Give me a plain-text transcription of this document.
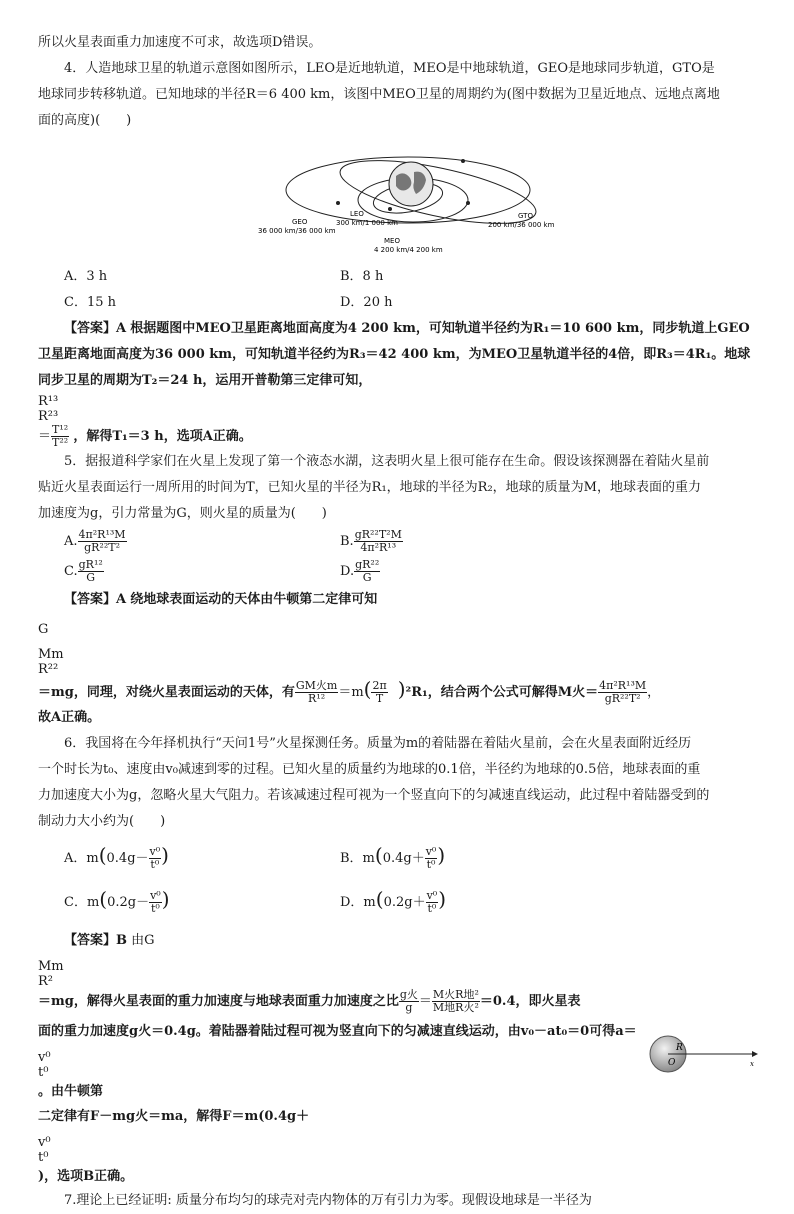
所以火星表面重力加速度不可求，故选项D错误。

4．人造地球卫星的轨道示意图如图所示，LEO是近地轨道，MEO是中地球轨道，GEO是地球同步轨道，GTO是

地球同步转移轨道。已知地球的半径R＝6 400 km，该图中MEO卫星的周期约为(图中数据为卫星近地点、远地点离地

面的高度)(　　)

GEO
36 000 km/36 000 km
LEO
300 km/1 000 km
MEO
4 200 km/4 200 km
GTO
200 km/36 000 km
A．3 h	B．8 h
C．15 h	D．20 h

【答案】A 根据题图中MEO卫星距离地面高度为4 200 km，可知轨道半径约为R₁＝10 600 km，同步轨道上GEO

卫星距离地面高度为36 000 km，可知轨道半径约为R₃＝42 400 km，为MEO卫星轨道半径的4倍，即R₃＝4R₁。地球

同步卫星的周期为T₂＝24 h，运用开普勒第三定律可知，

R¹³
R²³
＝ $\frac{\text{T¹²}}{\text{T²²}}$ ，解得T₁＝3 h，选项A正确。

5．据报道科学家们在火星上发现了第一个液态水湖，这表明火星上很可能存在生命。假设该探测器在着陆火星前

贴近火星表面运行一周所用的时间为T，已知火星的半径为R₁，地球的半径为R₂，地球的质量为M，地球表面的重力

加速度为g，引力常量为G，则火星的质量为(　　)

A. $\frac{\text{4π²R¹³M}}{\text{gR²²T²}}$	B. $\frac{\text{gR²²T²M}}{\text{4π²R¹³}}$
C. $\frac{\text{gR¹²}}{G}$	D. $\frac{\text{gR²²}}{G}$

【答案】A 绕地球表面运动的天体由牛顿第二定律可知

G

Mm
R²²
＝mg，同理，对绕火星表面运动的天体，有 GM火m
R¹²	$=m( \frac{2\pi}{T} )^2R_1$，结合两个公式可解得M火＝ $\frac{\text{4π²R¹³M}}{\text{gR²²T²}}$ ，

故A正确。

6．我国将在今年择机执行“天问1号”火星探测任务。质量为m的着陆器在着陆火星前，会在火星表面附近经历

一个时长为t₀、速度由v₀减速到零的过程。已知火星的质量约为地球的0.1倍，半径约为地球的0.5倍，地球表面的重

力加速度大小为g，忽略火星大气阻力。若该减速过程可视为一个竖直向下的匀减速直线运动，此过程中着陆器受到的

制动力大小约为(　　)

A．$m(0.4g- \frac{\text{v⁰}}{\text{t⁰}}$ )	B．$m(0.4g+ \frac{\text{v⁰}}{\text{t⁰}}$ )
C．$m(0.2g- \frac{\text{v⁰}}{\text{t⁰}}$ )	D．$m(0.2g+ \frac{\text{v⁰}}{\text{t⁰}}$ )

【答案】B 由G

Mm
R²
＝mg，解得火星表面的重力加速度与地球表面重力加速度之比 g火
g ＝ M火R地²
M地R火² ＝0.4，即火星表

面的重力加速度g火＝0.4g。着陆器着陆过程可视为竖直向下的匀减速直线运动，由v₀－at₀＝0可得a＝

v⁰
t⁰
。由牛顿第

二定律有F－mg火＝ma，解得F＝m(0.4g＋

v⁰
t⁰
)，选项B正确。

7.理论上已经证明: 质量分布均匀的球壳对壳内物体的万有引力为零。现假设地球是一半径为

R
O	x
